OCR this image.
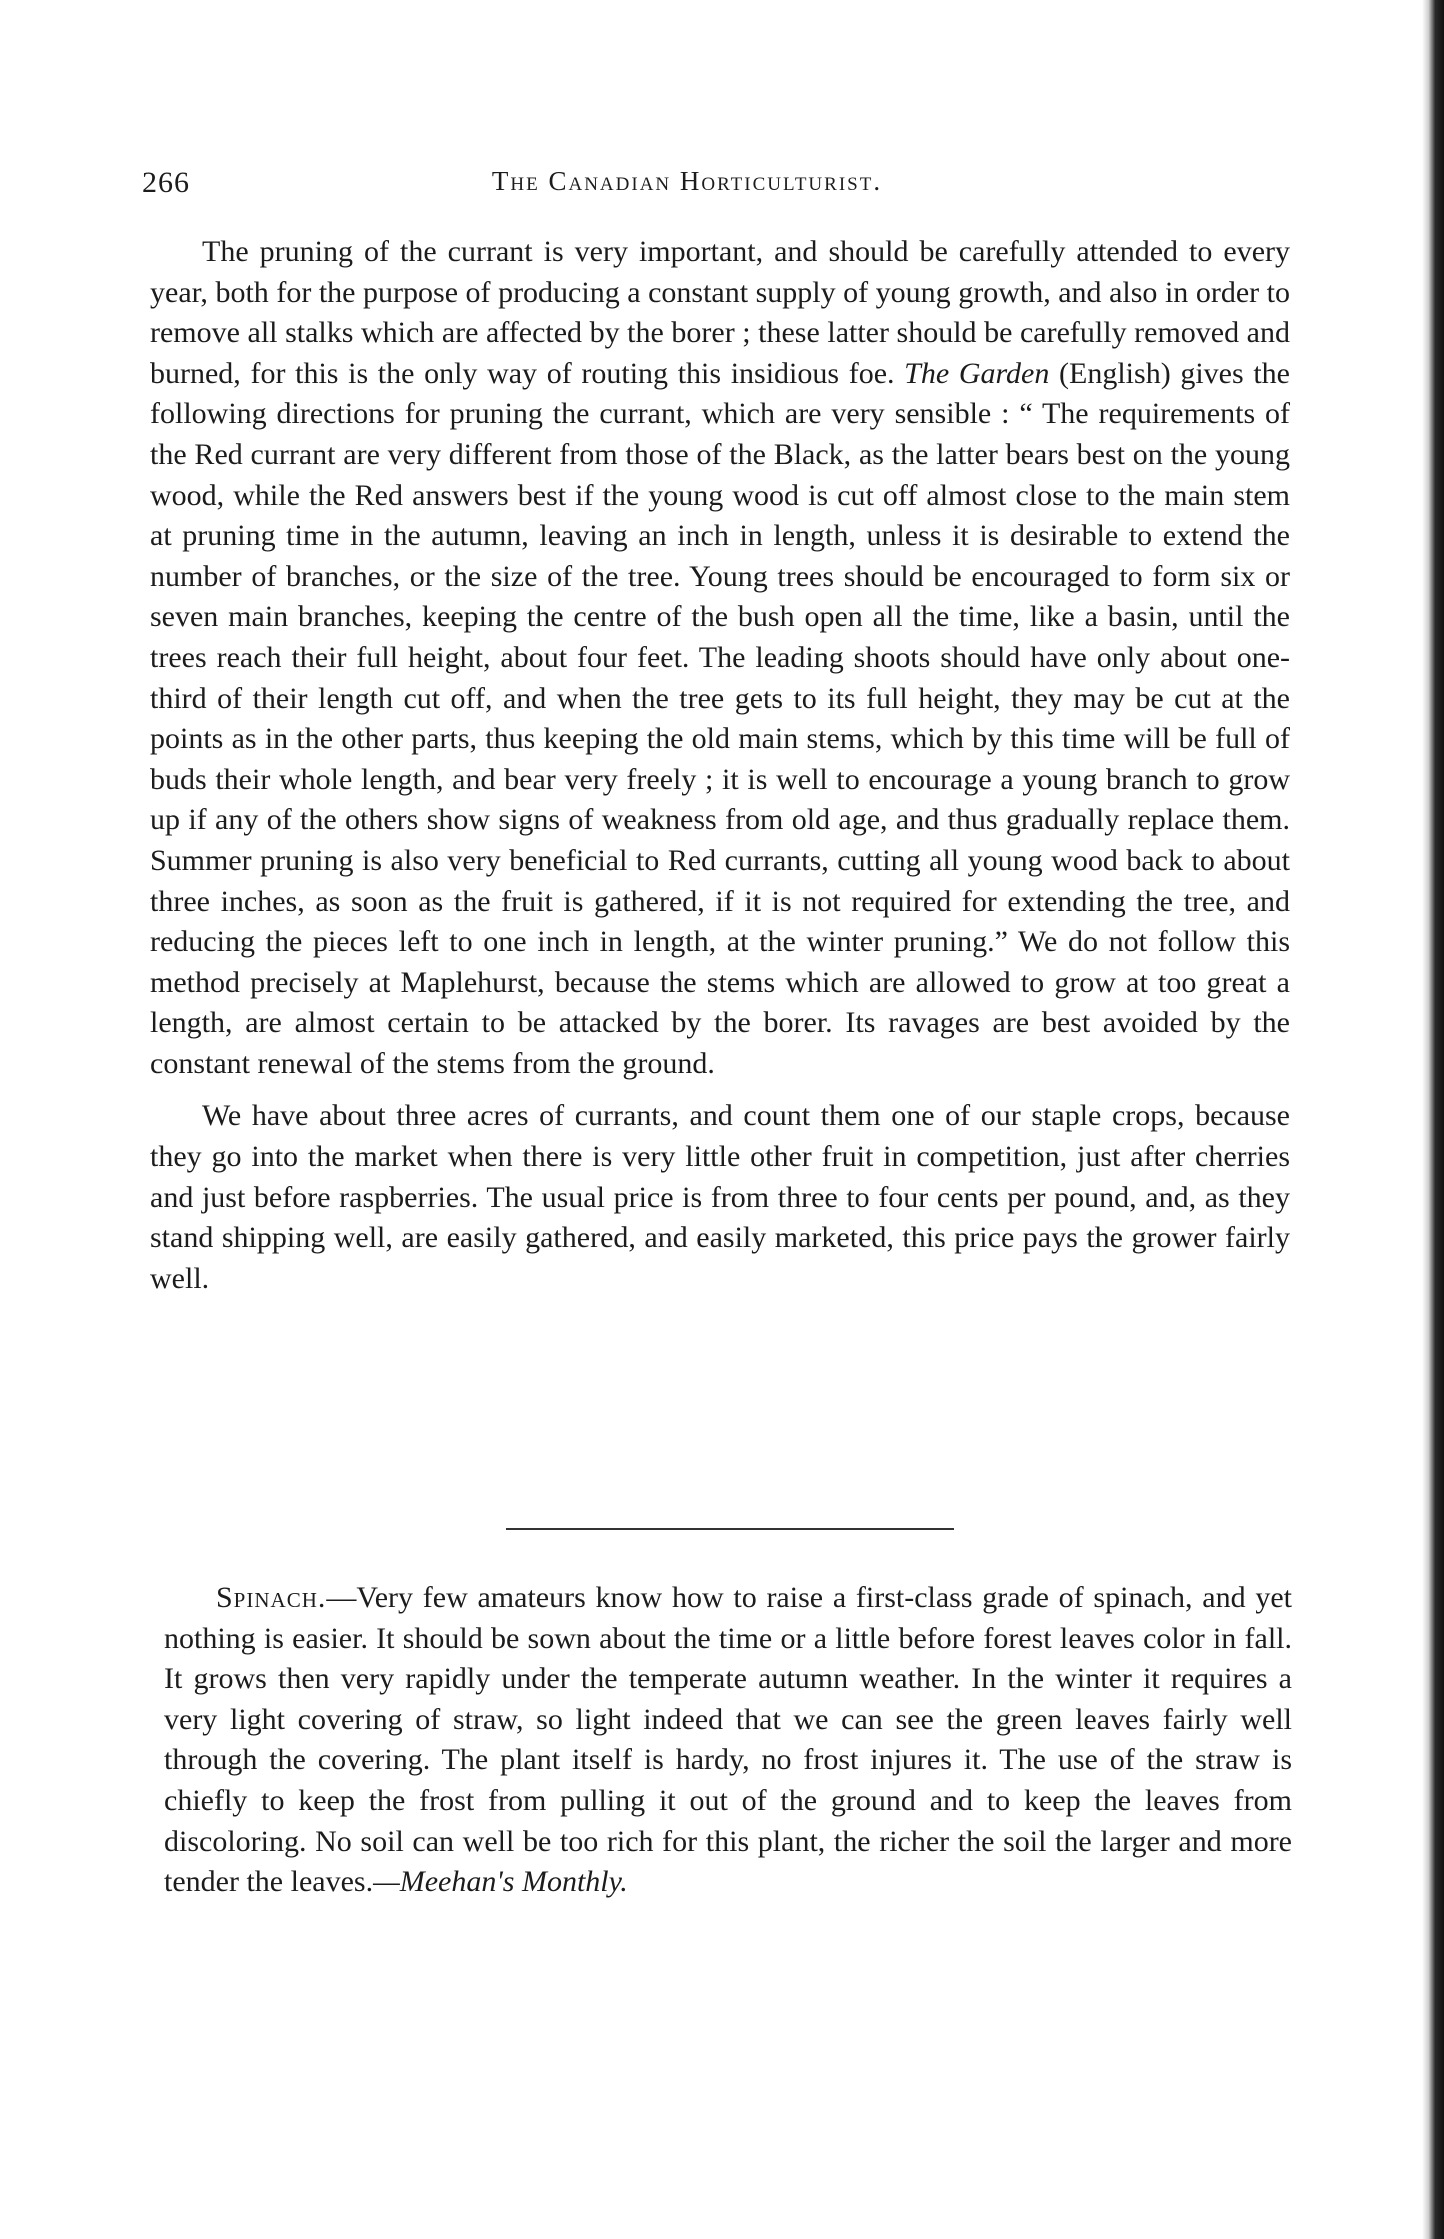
266	The Canadian Horticulturist.

The pruning of the currant is very important, and should be carefully attended to every year, both for the purpose of producing a constant supply of young growth, and also in order to remove all stalks which are affected by the borer ; these latter should be carefully removed and burned, for this is the only way of routing this insidious foe. The Garden (English) gives the following directions for pruning the currant, which are very sensible : “ The requirements of the Red currant are very different from those of the Black, as the latter bears best on the young wood, while the Red answers best if the young wood is cut off almost close to the main stem at pruning time in the autumn, leaving an inch in length, unless it is desirable to extend the number of branches, or the size of the tree. Young trees should be encouraged to form six or seven main branches, keeping the centre of the bush open all the time, like a basin, until the trees reach their full height, about four feet. The leading shoots should have only about one-third of their length cut off, and when the tree gets to its full height, they may be cut at the points as in the other parts, thus keeping the old main stems, which by this time will be full of buds their whole length, and bear very freely ; it is well to encourage a young branch to grow up if any of the others show signs of weakness from old age, and thus gradually replace them. Summer pruning is also very beneficial to Red currants, cutting all young wood back to about three inches, as soon as the fruit is gathered, if it is not required for extending the tree, and reducing the pieces left to one inch in length, at the winter pruning.” We do not follow this method precisely at Maplehurst, because the stems which are allowed to grow at too great a length, are almost certain to be attacked by the borer. Its ravages are best avoided by the constant renewal of the stems from the ground.

We have about three acres of currants, and count them one of our staple crops, because they go into the market when there is very little other fruit in competition, just after cherries and just before raspberries. The usual price is from three to four cents per pound, and, as they stand shipping well, are easily gathered, and easily marketed, this price pays the grower fairly well.

Spinach.—Very few amateurs know how to raise a first-class grade of spinach, and yet nothing is easier. It should be sown about the time or a little before forest leaves color in fall. It grows then very rapidly under the temperate autumn weather. In the winter it requires a very light covering of straw, so light indeed that we can see the green leaves fairly well through the covering. The plant itself is hardy, no frost injures it. The use of the straw is chiefly to keep the frost from pulling it out of the ground and to keep the leaves from discoloring. No soil can well be too rich for this plant, the richer the soil the larger and more tender the leaves.—Meehan's Monthly.
